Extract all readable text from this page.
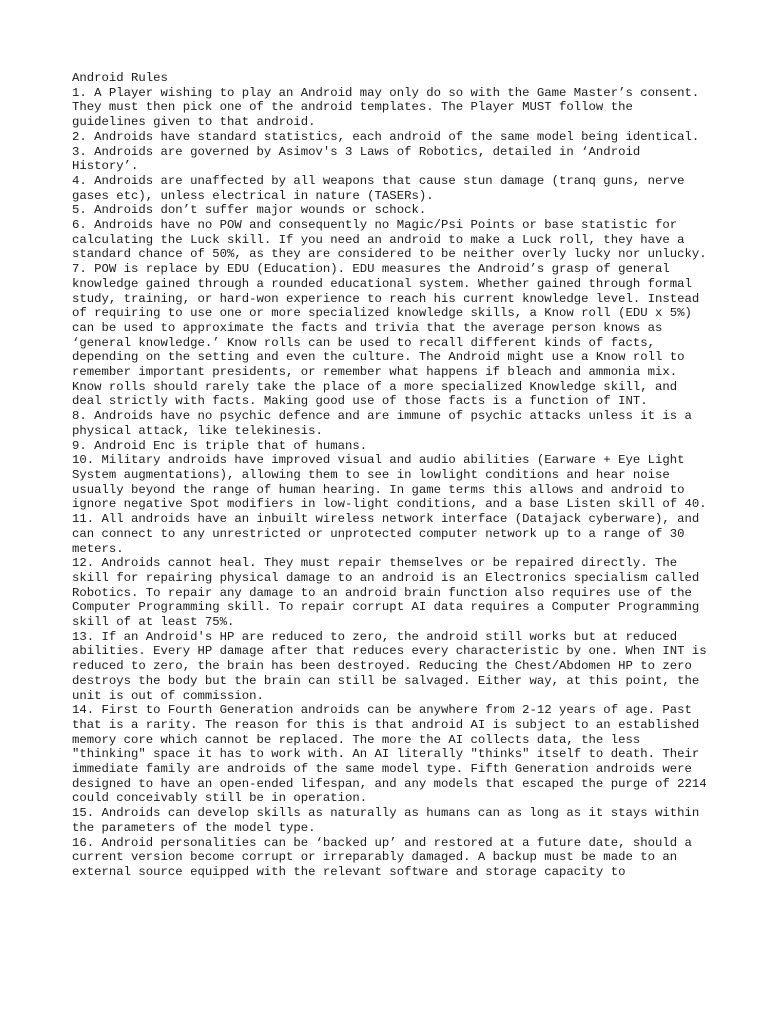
Android Rules

1. A Player wishing to play an Android may only do so with the Game Master’s consent. They must then pick one of the android templates. The Player MUST follow the guidelines given to that android.

2. Androids have standard statistics, each android of the same model being identical.

3. Androids are governed by Asimov's 3 Laws of Robotics, detailed in ‘Android History’.

4. Androids are unaffected by all weapons that cause stun damage (tranq guns, nerve gases etc), unless electrical in nature (TASERs).

5. Androids don’t suffer major wounds or schock.

6. Androids have no POW and consequently no Magic/Psi Points or base statistic for calculating the Luck skill. If you need an android to make a Luck roll, they have a standard chance of 50%, as they are considered to be neither overly lucky nor unlucky.

7. POW is replace by EDU (Education). EDU measures the Android’s grasp of general knowledge gained through a rounded educational system. Whether gained through formal study, training, or hard-won experience to reach his current knowledge level. Instead of requiring to use one or more specialized knowledge skills, a Know roll (EDU x 5%) can be used to approximate the facts and trivia that the average person knows as ‘general knowledge.’ Know rolls can be used to recall different kinds of facts, depending on the setting and even the culture. The Android might use a Know roll to remember important presidents, or remember what happens if bleach and ammonia mix. Know rolls should rarely take the place of a more specialized Knowledge skill, and deal strictly with facts. Making good use of those facts is a function of INT.

8. Androids have no psychic defence and are immune of psychic attacks unless it is a physical attack, like telekinesis.

9. Android Enc is triple that of humans.

10. Military androids have improved visual and audio abilities (Earware + Eye Light System augmentations), allowing them to see in lowlight conditions and hear noise usually beyond the range of human hearing. In game terms this allows and android to ignore negative Spot modifiers in low-light conditions, and a base Listen skill of 40.

11. All androids have an inbuilt wireless network interface (Datajack cyberware), and can connect to any unrestricted or unprotected computer network up to a range of 30 meters.

12. Androids cannot heal. They must repair themselves or be repaired directly. The skill for repairing physical damage to an android is an Electronics specialism called Robotics. To repair any damage to an android brain function also requires use of the Computer Programming skill. To repair corrupt AI data requires a Computer Programming skill of at least 75%.

13. If an Android's HP are reduced to zero, the android still works but at reduced abilities. Every HP damage after that reduces every characteristic by one. When INT is reduced to zero, the brain has been destroyed. Reducing the Chest/Abdomen HP to zero destroys the body but the brain can still be salvaged. Either way, at this point, the unit is out of commission.

14. First to Fourth Generation androids can be anywhere from 2-12 years of age. Past that is a rarity. The reason for this is that android AI is subject to an established memory core which cannot be replaced. The more the AI collects data, the less "thinking" space it has to work with. An AI literally "thinks" itself to death. Their immediate family are androids of the same model type. Fifth Generation androids were designed to have an open-ended lifespan, and any models that escaped the purge of 2214 could conceivably still be in operation.

15. Androids can develop skills as naturally as humans can as long as it stays within the parameters of the model type.

16. Android personalities can be ‘backed up’ and restored at a future date, should a current version become corrupt or irreparably damaged. A backup must be made to an external source equipped with the relevant software and storage capacity to
